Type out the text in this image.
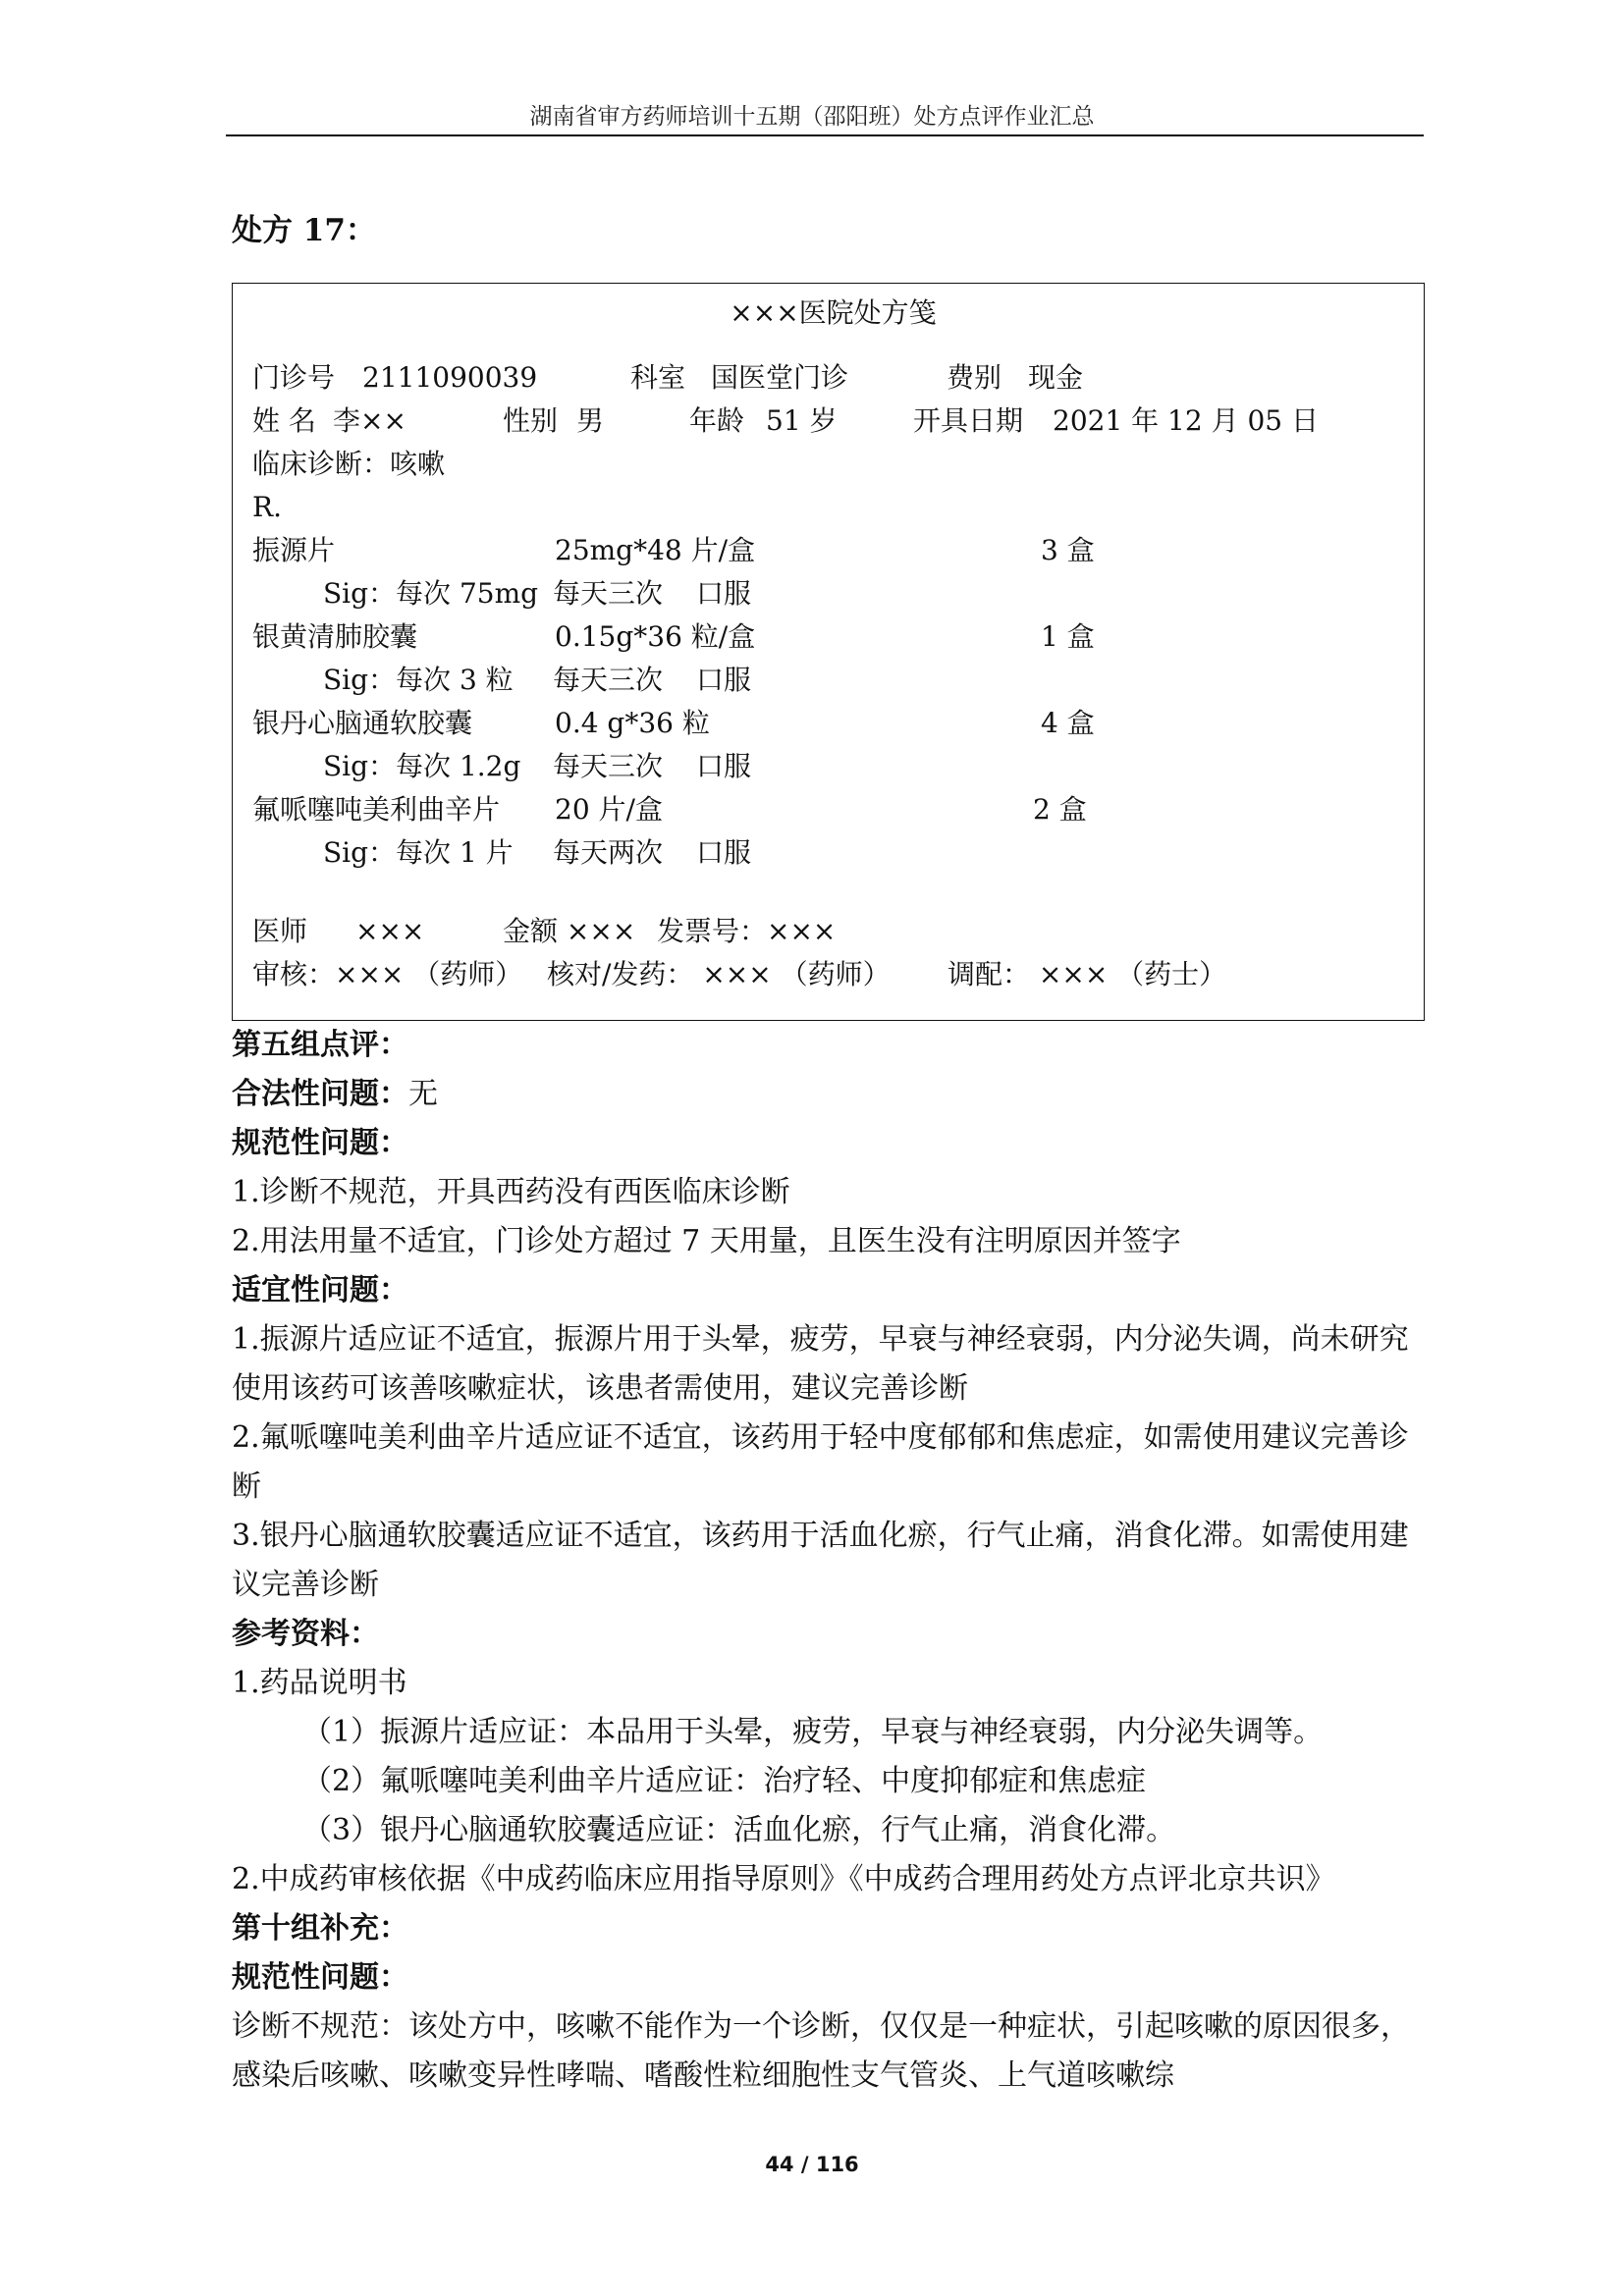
湖南省审方药师培训十五期（邵阳班）处方点评作业汇总
处方 17：
×××医院处方笺
门诊号 2111090039	科室 国医堂门诊	费别 现金
姓 名 李××	性别 男	年龄 51 岁	开具日期 2021 年 12 月 05 日
临床诊断：咳嗽
R.
振源片	25mg*48 片/盒	3 盒
Sig：每次 75mg 每天三次 口服
银黄清肺胶囊	0.15g*36 粒/盒	1 盒
Sig：每次 3 粒 每天三次 口服
银丹心脑通软胶囊	0.4 g*36 粒	4 盒
Sig：每次 1.2g 每天三次 口服
氟哌噻吨美利曲辛片 20 片/盒	2 盒
Sig：每次 1 片 每天两次 口服
医师 ×××	金额 ××× 发票号：×××
审核：××× （药师） 核对/发药： ××× （药师） 调配： ××× （药士）

第五组点评：

合法性问题：无

规范性问题：

1.诊断不规范，开具西药没有西医临床诊断

2.用法用量不适宜，门诊处方超过 7 天用量，且医生没有注明原因并签字

适宜性问题：

1.振源片适应证不适宜，振源片用于头晕，疲劳，早衰与神经衰弱，内分泌失调，尚未研究使用该药可该善咳嗽症状，该患者需使用，建议完善诊断

2.氟哌噻吨美利曲辛片适应证不适宜，该药用于轻中度郁郁和焦虑症，如需使用建议完善诊断

3.银丹心脑通软胶囊适应证不适宜，该药用于活血化瘀，行气止痛，消食化滞。如需使用建议完善诊断

参考资料：

1.药品说明书

（1）振源片适应证：本品用于头晕，疲劳，早衰与神经衰弱，内分泌失调等。

（2）氟哌噻吨美利曲辛片适应证：治疗轻、中度抑郁症和焦虑症

（3）银丹心脑通软胶囊适应证：活血化瘀，行气止痛，消食化滞。

2.中成药审核依据《中成药临床应用指导原则》《中成药合理用药处方点评北京共识》

第十组补充：

规范性问题：

诊断不规范：该处方中，咳嗽不能作为一个诊断，仅仅是一种症状，引起咳嗽的原因很多，感染后咳嗽、咳嗽变异性哮喘、嗜酸性粒细胞性支气管炎、上气道咳嗽综

44 / 116
